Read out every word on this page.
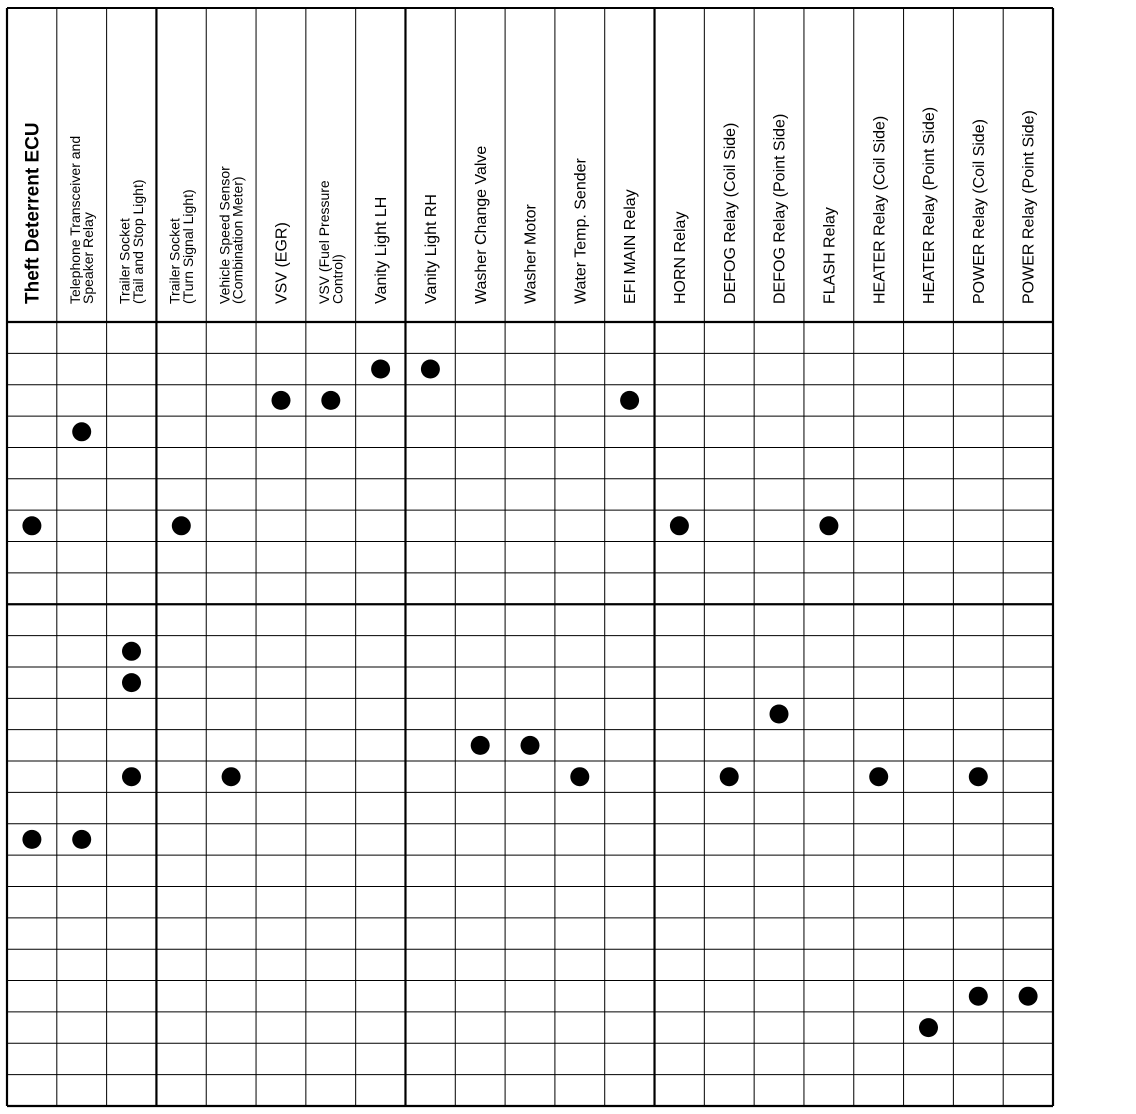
Theft Deterrent ECU Telephone Transceiver andSpeaker Relay Trailer Socket(Tail and Stop Light) Trailer Socket(Turn Signal Light) Vehicle Speed Sensor(Combination Meter) VSV (EGR) VSV (Fuel PressureControl) Vanity Light LH Vanity Light RH Washer Change Valve Washer Motor Water Temp. Sender EFI MAIN Relay HORN Relay DEFOG Relay (Coil Side) DEFOG Relay (Point Side) FLASH Relay HEATER Relay (Coil Side) HEATER Relay (Point Side) POWER Relay (Coil Side) POWER Relay (Point Side)
